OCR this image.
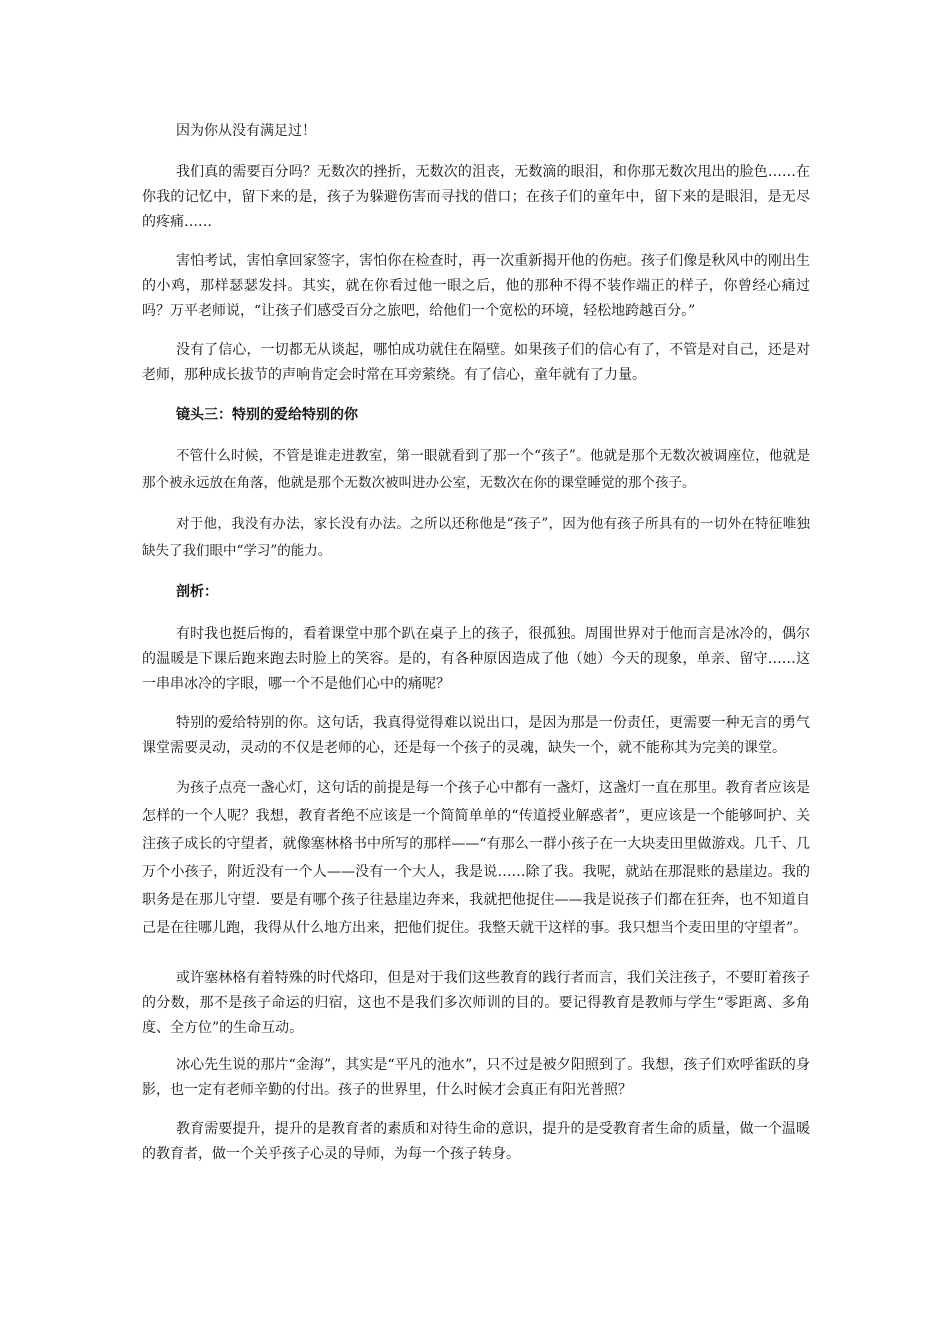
因为你从没有满足过！

我们真的需要百分吗？无数次的挫折，无数次的沮丧，无数滴的眼泪，和你那无数次甩出的脸色……在你我的记忆中，留下来的是，孩子为躲避伤害而寻找的借口；在孩子们的童年中，留下来的是眼泪，是无尽的疼痛……

害怕考试，害怕拿回家签字，害怕你在检查时，再一次重新揭开他的伤疤。孩子们像是秋风中的刚出生的小鸡，那样瑟瑟发抖。其实，就在你看过他一眼之后，他的那种不得不装作端正的样子，你曾经心痛过吗？万平老师说，“让孩子们感受百分之旅吧，给他们一个宽松的环境，轻松地跨越百分。”

没有了信心，一切都无从谈起，哪怕成功就住在隔壁。如果孩子们的信心有了，不管是对自己，还是对老师，那种成长拔节的声响肯定会时常在耳旁萦绕。有了信心，童年就有了力量。

镜头三：特别的爱给特别的你

不管什么时候，不管是谁走进教室，第一眼就看到了那一个“孩子”。他就是那个无数次被调座位，他就是那个被永远放在角落，他就是那个无数次被叫进办公室，无数次在你的课堂睡觉的那个孩子。

对于他，我没有办法，家长没有办法。之所以还称他是“孩子”，因为他有孩子所具有的一切外在特征唯独缺失了我们眼中“学习”的能力。

剖析：

有时我也挺后悔的，看着课堂中那个趴在桌子上的孩子，很孤独。周围世界对于他而言是冰冷的，偶尔的温暖是下课后跑来跑去时脸上的笑容。是的，有各种原因造成了他（她）今天的现象，单亲、留守……这一串串冰冷的字眼，哪一个不是他们心中的痛呢？

特别的爱给特别的你。这句话，我真得觉得难以说出口，是因为那是一份责任，更需要一种无言的勇气课堂需要灵动，灵动的不仅是老师的心，还是每一个孩子的灵魂，缺失一个，就不能称其为完美的课堂。

为孩子点亮一盏心灯，这句话的前提是每一个孩子心中都有一盏灯，这盏灯一直在那里。教育者应该是怎样的一个人呢？我想，教育者绝不应该是一个简简单单的“传道授业解惑者”，更应该是一个能够呵护、关注孩子成长的守望者，就像塞林格书中所写的那样——“有那么一群小孩子在一大块麦田里做游戏。几千、几万个小孩子，附近没有一个人——没有一个大人，我是说……除了我。我呢，就站在那混账的悬崖边。我的职务是在那儿守望．要是有哪个孩子往悬崖边奔来，我就把他捉住——我是说孩子们都在狂奔，也不知道自己是在往哪儿跑，我得从什么地方出来，把他们捉住。我整天就干这样的事。我只想当个麦田里的守望者”。

或许塞林格有着特殊的时代烙印，但是对于我们这些教育的践行者而言，我们关注孩子，不要盯着孩子的分数，那不是孩子命运的归宿，这也不是我们多次师训的目的。要记得教育是教师与学生“零距离、多角度、全方位”的生命互动。

冰心先生说的那片“金海”，其实是“平凡的池水”，只不过是被夕阳照到了。我想，孩子们欢呼雀跃的身影，也一定有老师辛勤的付出。孩子的世界里，什么时候才会真正有阳光普照？

教育需要提升，提升的是教育者的素质和对待生命的意识，提升的是受教育者生命的质量，做一个温暖的教育者，做一个关乎孩子心灵的导师，为每一个孩子转身。
